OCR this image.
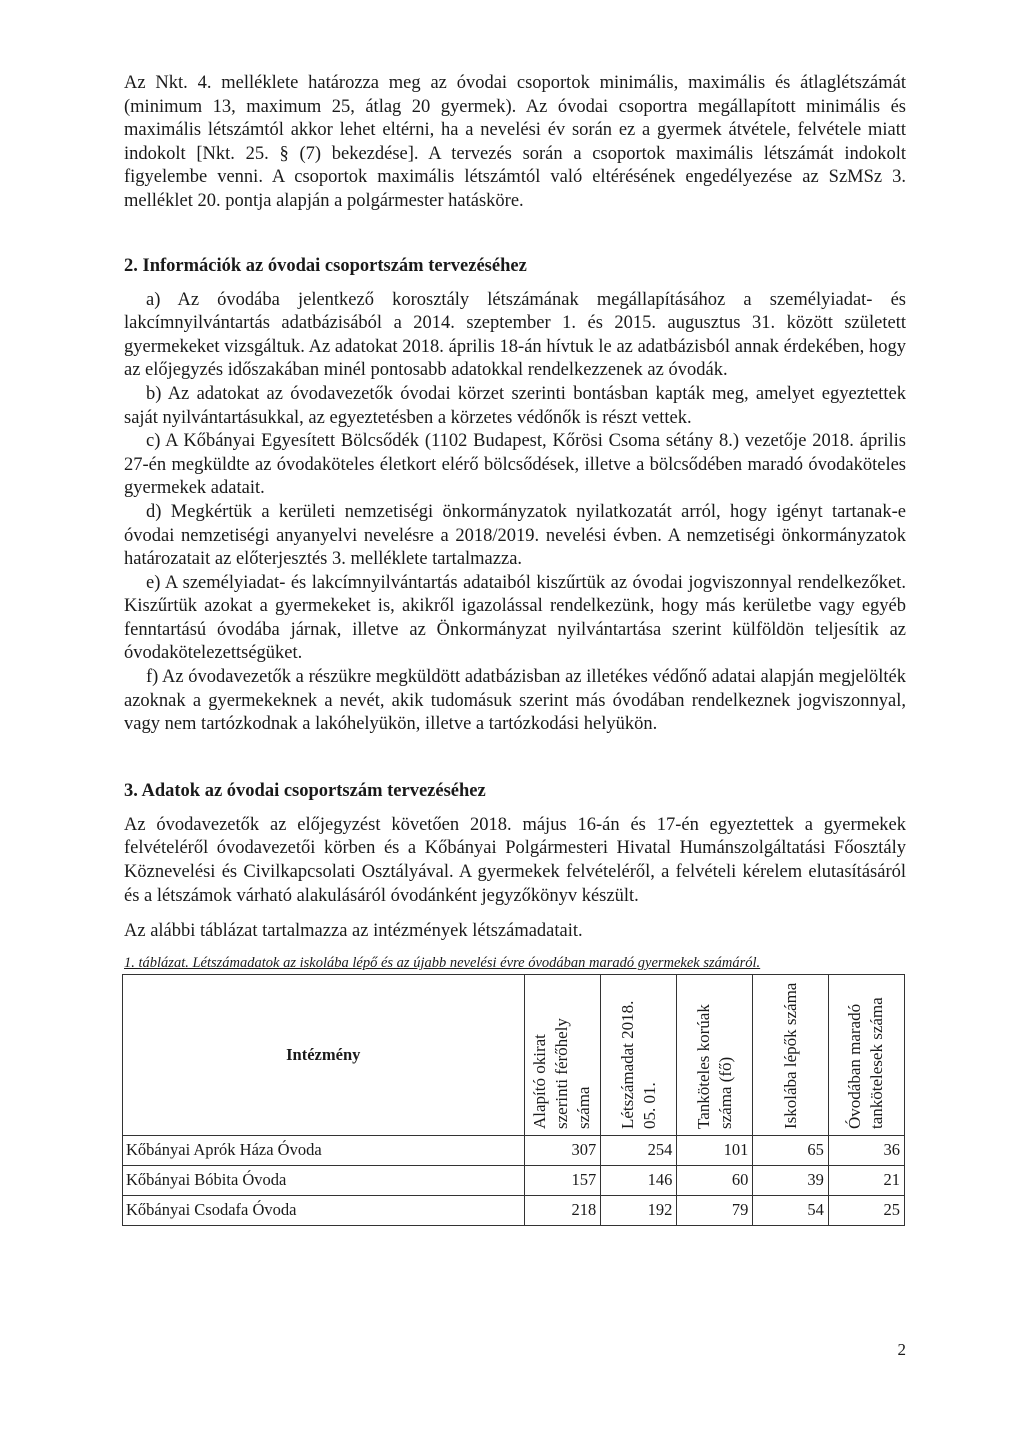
Az Nkt. 4. melléklete határozza meg az óvodai csoportok minimális, maximális és átlaglétszámát (minimum 13, maximum 25, átlag 20 gyermek). Az óvodai csoportra megállapított minimális és maximális létszámtól akkor lehet eltérni, ha a nevelési év során ez a gyermek átvétele, felvétele miatt indokolt [Nkt. 25. § (7) bekezdése]. A tervezés során a csoportok maximális létszámát indokolt figyelembe venni. A csoportok maximális létszámtól való eltérésének engedélyezése az SzMSz 3. melléklet 20. pontja alapján a polgármester hatásköre.

2. Információk az óvodai csoportszám tervezéséhez

a) Az óvodába jelentkező korosztály létszámának megállapításához a személyiadat- és lakcímnyilvántartás adatbázisából a 2014. szeptember 1. és 2015. augusztus 31. között született gyermekeket vizsgáltuk. Az adatokat 2018. április 18-án hívtuk le az adatbázisból annak érdekében, hogy az előjegyzés időszakában minél pontosabb adatokkal rendelkezzenek az óvodák.

b) Az adatokat az óvodavezetők óvodai körzet szerinti bontásban kapták meg, amelyet egyeztettek saját nyilvántartásukkal, az egyeztetésben a körzetes védőnők is részt vettek.

c) A Kőbányai Egyesített Bölcsődék (1102 Budapest, Kőrösi Csoma sétány 8.) vezetője 2018. április 27-én megküldte az óvodaköteles életkort elérő bölcsődések, illetve a bölcsődében maradó óvodaköteles gyermekek adatait.

d) Megkértük a kerületi nemzetiségi önkormányzatok nyilatkozatát arról, hogy igényt tartanak-e óvodai nemzetiségi anyanyelvi nevelésre a 2018/2019. nevelési évben. A nemzetiségi önkormányzatok határozatait az előterjesztés 3. melléklete tartalmazza.

e) A személyiadat- és lakcímnyilvántartás adataiból kiszűrtük az óvodai jogviszonnyal rendelkezőket. Kiszűrtük azokat a gyermekeket is, akikről igazolással rendelkezünk, hogy más kerületbe vagy egyéb fenntartású óvodába járnak, illetve az Önkormányzat nyilvántartása szerint külföldön teljesítik az óvodakötelezettségüket.

f) Az óvodavezetők a részükre megküldött adatbázisban az illetékes védőnő adatai alapján megjelölték azoknak a gyermekeknek a nevét, akik tudomásuk szerint más óvodában rendelkeznek jogviszonnyal, vagy nem tartózkodnak a lakóhelyükön, illetve a tartózkodási helyükön.

3. Adatok az óvodai csoportszám tervezéséhez

Az óvodavezetők az előjegyzést követően 2018. május 16-án és 17-én egyeztettek a gyermekek felvételéről óvodavezetői körben és a Kőbányai Polgármesteri Hivatal Humánszolgáltatási Főosztály Köznevelési és Civilkapcsolati Osztályával. A gyermekek felvételéről, a felvételi kérelem elutasításáról és a létszámok várható alakulásáról óvodánként jegyzőkönyv készült.

Az alábbi táblázat tartalmazza az intézmények létszámadatait.

1. táblázat. Létszámadatok az iskolába lépő és az újabb nevelési évre óvodában maradó gyermekek számáról.

Intézmény	Alapító okirat szerinti férőhely száma	Létszámadat 2018. 05. 01.	Tanköteles korúak száma (fő)	Iskolába lépők száma	Óvodában maradó tankötelesek száma

Kőbányai Aprók Háza Óvoda	307	254	101	65	36
Kőbányai Bóbita Óvoda	157	146	60	39	21
Kőbányai Csodafa Óvoda	218	192	79	54	25
2
